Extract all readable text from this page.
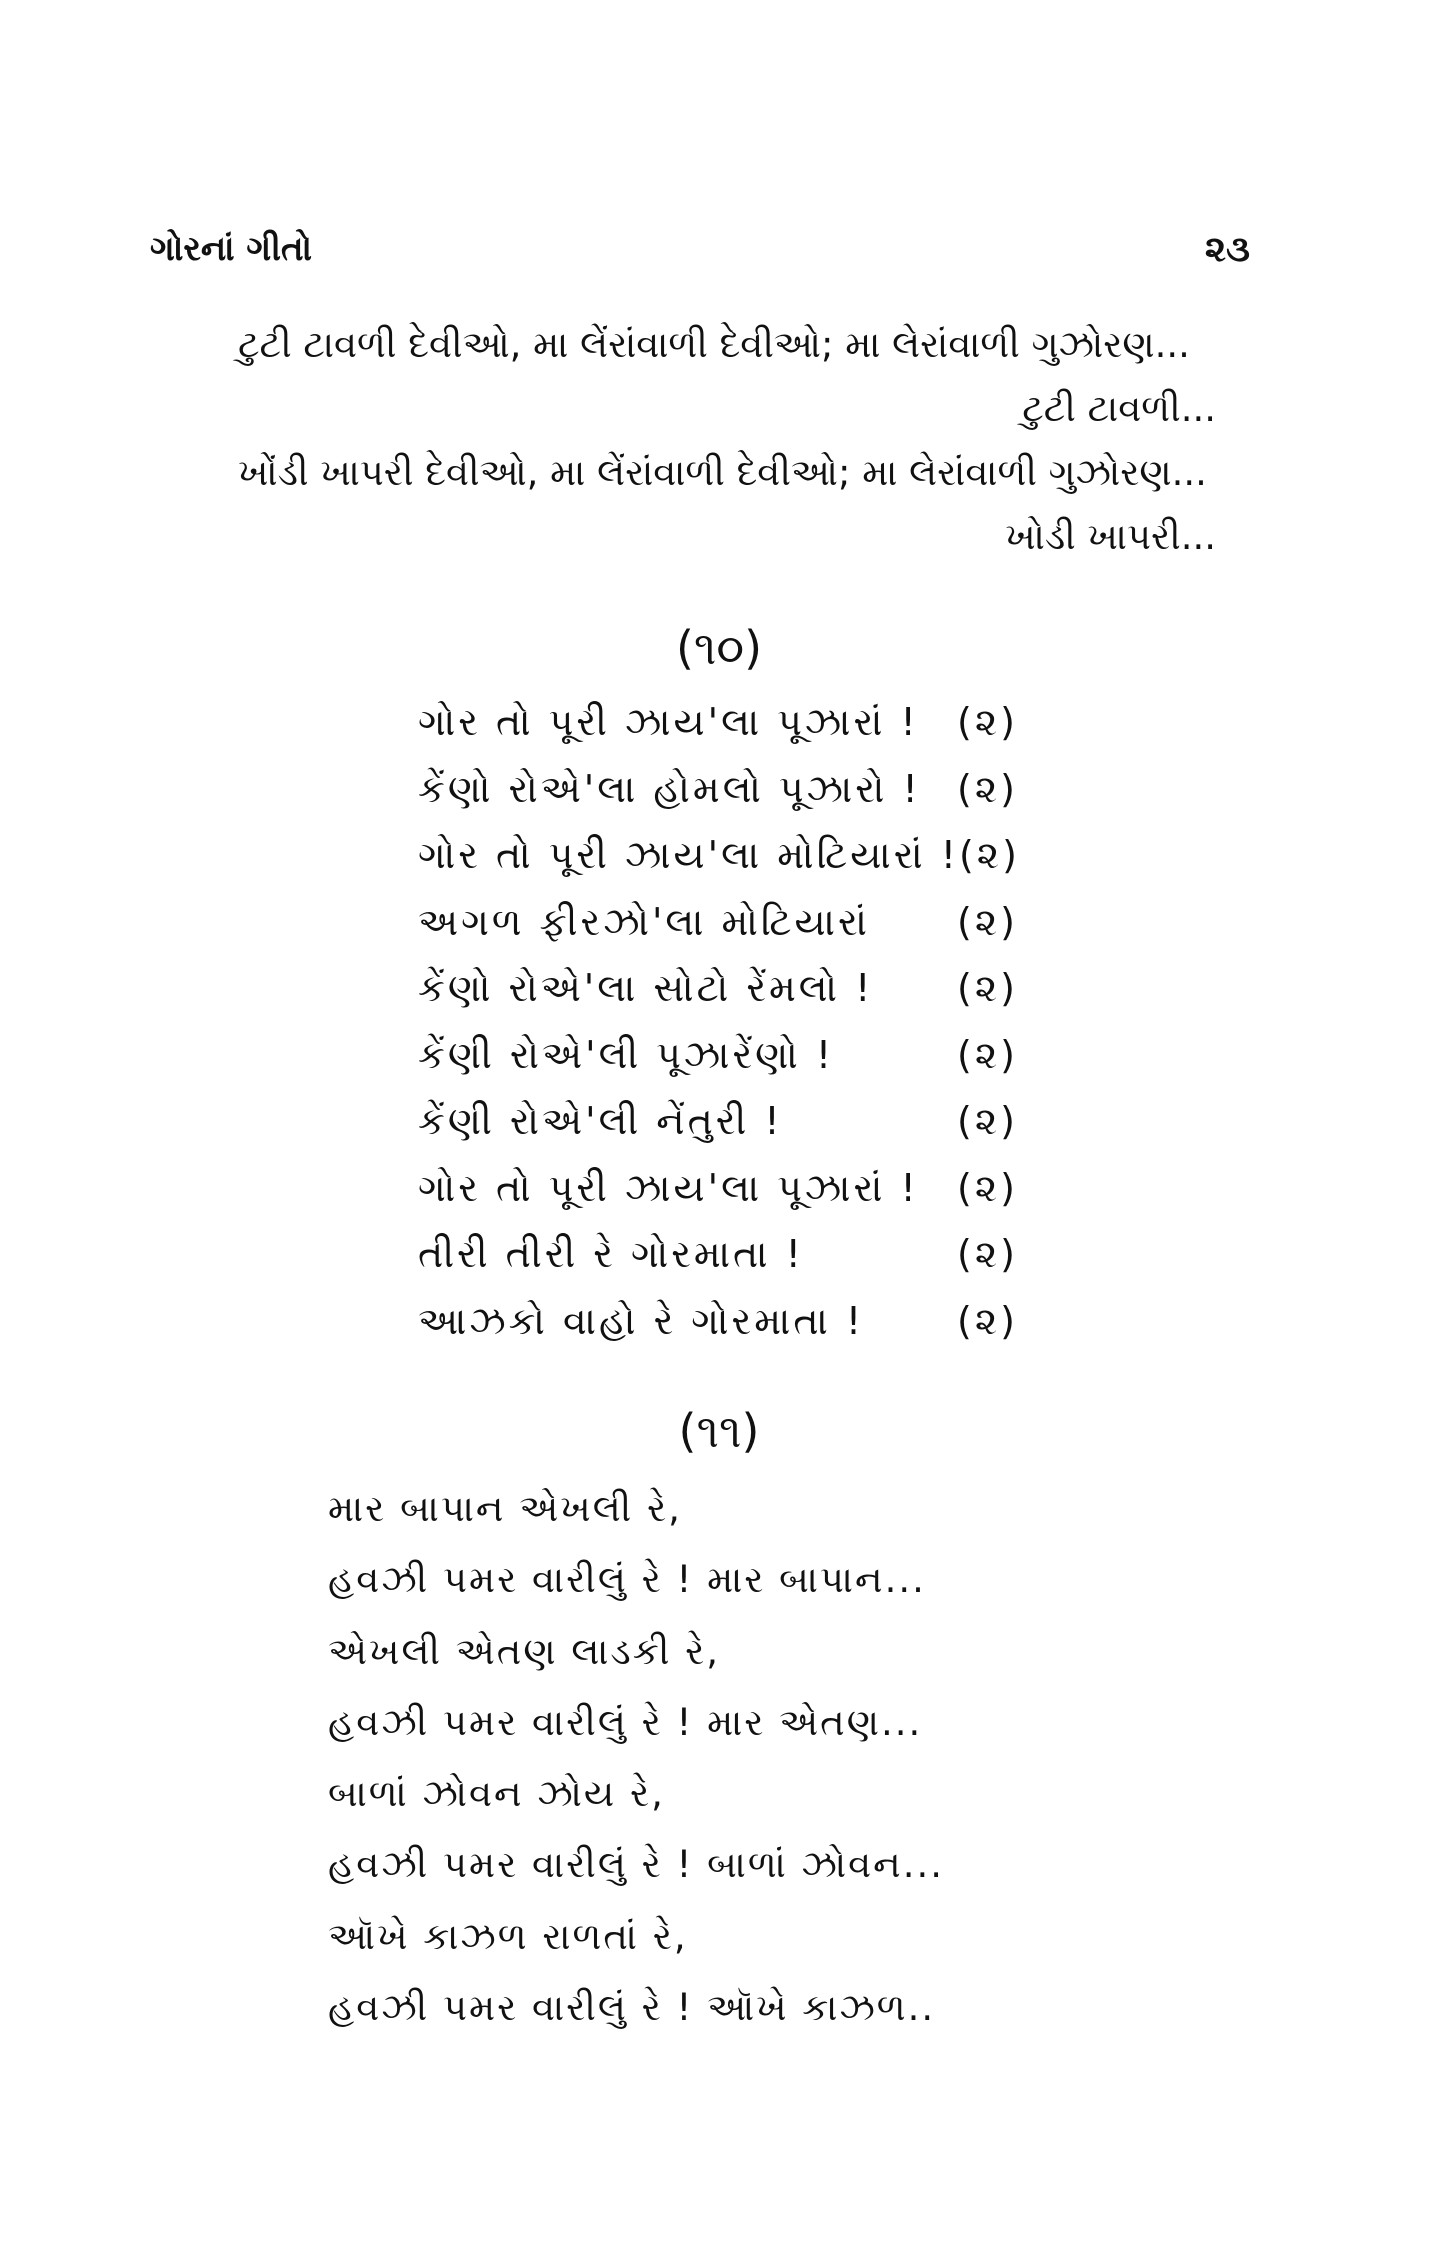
ગોરનાં ગીતો	૨૩
ટુટી ટાવળી દેવીઓ, મા લેંરાંવાળી દેવીઓ; મા લેરાંવાળી ગુઝોરણ...
ટુટી ટાવળી...
ખોંડી ખાપરી દેવીઓ, મા લેંરાંવાળી દેવીઓ; મા લેરાંવાળી ગુઝોરણ...
ખોડી ખાપરી...
(૧૦)
ગોર તો પૂરી ઝાય'લા પૂઝારાં ! (૨)
કેંણો રોએ'લા હોમલો પૂઝારો ! (૨)
ગોર તો પૂરી ઝાય'લા મોટિયારાં ! (૨)
અગળ ફીરઝો'લા મોટિયારાં (૨)
કેંણો રોએ'લા સોટો રેંમલો ! (૨)
કેંણી રોએ'લી પૂઝારેંણો !	(૨)
કેંણી રોએ'લી નેંતુરી !	(૨)
ગોર તો પૂરી ઝાય'લા પૂઝારાં ! (૨)
તીરી તીરી રે ગોરમાતા !	(૨)
આઝકો વાહો રે ગોરમાતા ! (૨)
(૧૧)
માર બાપાન એખલી રે,
હવઝી પમર વારીલું રે ! માર બાપાન...
એખલી એતણ લાડકી રે,
હવઝી પમર વારીલું રે ! માર એતણ...
બાળાં ઝોવન ઝોય રે,
હવઝી પમર વારીલું રે ! બાળાં ઝોવન...
ઑખે કાઝળ રાળતાં રે,
હવઝી પમર વારીલું રે ! ઑખે કાઝળ..
